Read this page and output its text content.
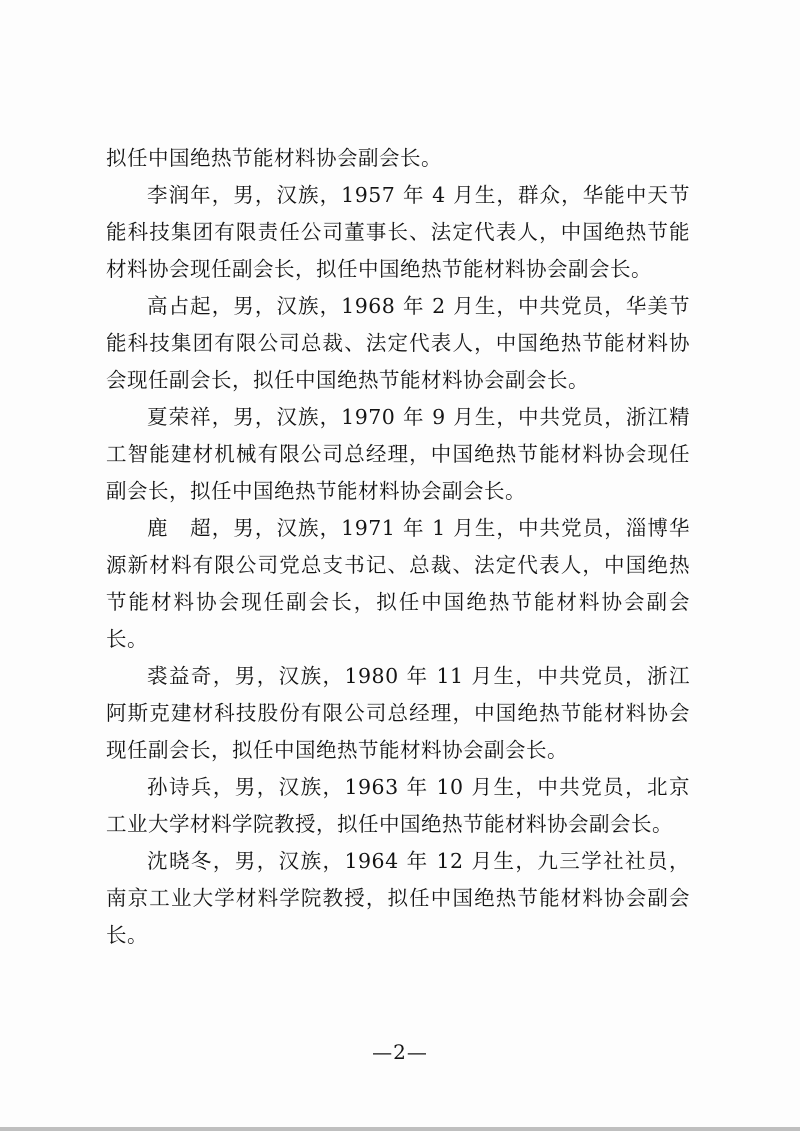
拟任中国绝热节能材料协会副会长。

李润年，男，汉族，1957 年 4 月生，群众，华能中天节能科技集团有限责任公司董事长、法定代表人，中国绝热节能材料协会现任副会长，拟任中国绝热节能材料协会副会长。

高占起，男，汉族，1968 年 2 月生，中共党员，华美节能科技集团有限公司总裁、法定代表人，中国绝热节能材料协会现任副会长，拟任中国绝热节能材料协会副会长。

夏荣祥，男，汉族，1970 年 9 月生，中共党员，浙江精工智能建材机械有限公司总经理，中国绝热节能材料协会现任副会长，拟任中国绝热节能材料协会副会长。

鹿　超，男，汉族，1971 年 1 月生，中共党员，淄博华源新材料有限公司党总支书记、总裁、法定代表人，中国绝热节能材料协会现任副会长，拟任中国绝热节能材料协会副会长。

裘益奇，男，汉族，1980 年 11 月生，中共党员，浙江阿斯克建材科技股份有限公司总经理，中国绝热节能材料协会现任副会长，拟任中国绝热节能材料协会副会长。

孙诗兵，男，汉族，1963 年 10 月生，中共党员，北京工业大学材料学院教授，拟任中国绝热节能材料协会副会长。

沈晓冬，男，汉族，1964 年 12 月生，九三学社社员，南京工业大学材料学院教授，拟任中国绝热节能材料协会副会长。

—2—
